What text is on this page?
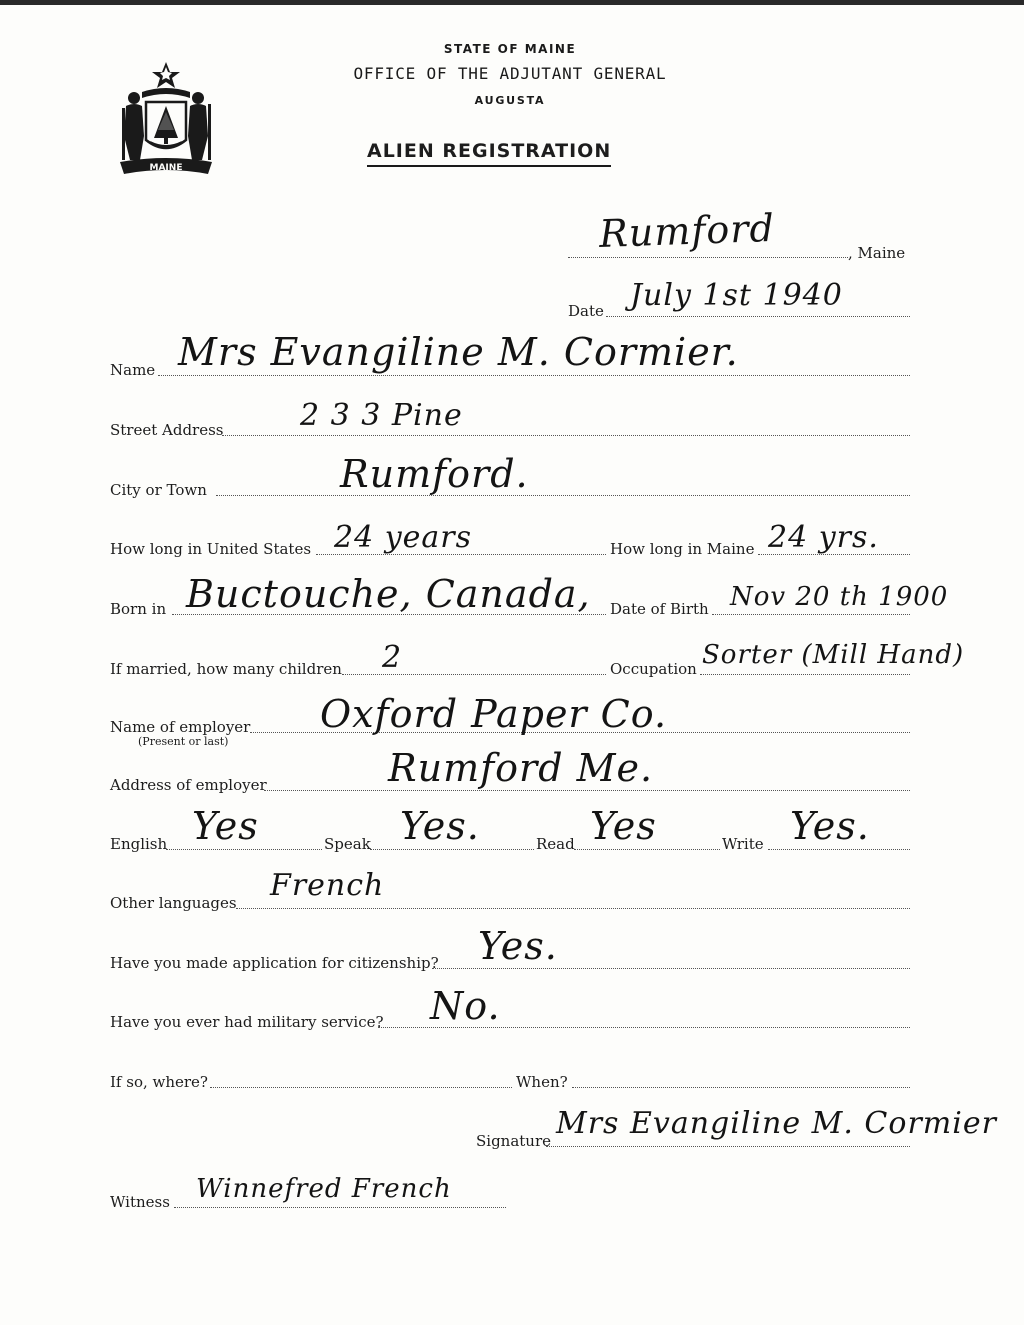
MAINE
STATE OF MAINE
OFFICE OF THE ADJUTANT GENERAL
AUGUSTA
ALIEN REGISTRATION
Rumford	, Maine
Date July 1st 1940
Name Mrs Evangiline M. Cormier.
Street Address	2 3 3 Pine
City or Town	Rumford.
How long in United States 24 years	How long in Maine 24 yrs.
Born in Buctouche, Canada, Date of Birth Nov 20 th 1900
If married, how many children 2	Occupation Sorter (Mill Hand)
Name of employer
(Present or last)
Oxford Paper Co.
Address of employer	Rumford Me.
English Yes	Speak Yes.	Read Yes	Write Yes.
Other languages French
Have you made application for citizenship? Yes.
Have you ever had military service? No.
If so, where?	When?
Signature Mrs Evangiline M. Cormier
Witness Winnefred French
